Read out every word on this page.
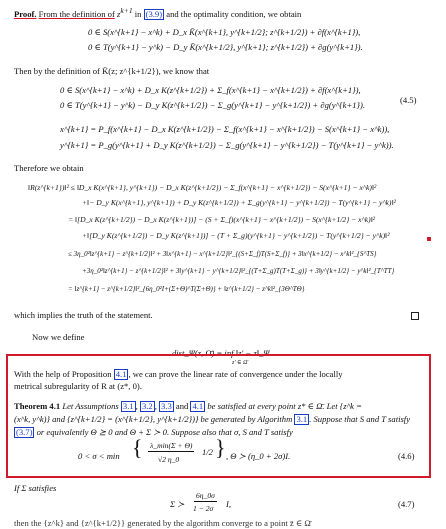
Proof. From the definition of $z^{k+1}$ in (3.9) and the optimality condition, we obtain
0 ∈ S(x^{k+1} − x^k) + D_x K̄(x^{k+1}, y^{k+1/2}; z^{k+1/2}) + ∂f(x^{k+1}),
0 ∈ T(y^{k+1} − y^k) − D_y K̄(x^{k+1/2}, y^{k+1}; z^{k+1/2}) + ∂g(y^{k+1}).
Then by the definition of K̄(z; z^{k+1/2}), we know that
0 ∈ S(x^{k+1} − x^k) + D_x K(z^{k+1/2}) + Σ_f(x^{k+1} − x^{k+1/2}) + ∂f(x^{k+1}),
0 ∈ T(y^{k+1} − y^k) − D_y K(z^{k+1/2}) − Σ_g(y^{k+1} − y^{k+1/2}) + ∂g(y^{k+1}).	(4.5)
x^{k+1} = P_f(x^{k+1} − D_x K(z^{k+1/2}) − Σ_f(x^{k+1} − x^{k+1/2}) − S(x^{k+1} − x^k)),
y^{k+1} = P_g(y^{k+1} + D_y K(z^{k+1/2}) − Σ_g(y^{k+1} − y^{k+1/2}) − T(y^{k+1} − y^k)).
Therefore we obtain
‖R(z^{k+1})‖² ≤ ‖D_x K(x^{k+1}, y^{k+1}) − D_x K(z^{k+1/2}) − Σ_f(x^{k+1} − x^{k+1/2}) − S(x^{k+1} − x^k)‖²
+‖− D_y K(x^{k+1}, y^{k+1}) + D_y K(z^{k+1/2}) + Σ_g(y^{k+1} − y^{k+1/2}) − T(y^{k+1} − y^k)‖²
= ‖[D_x K(z^{k+1/2}) − D_x K(z^{k+1})] − (S + Σ_f)(x^{k+1} − x^{k+1/2}) − S(x^{k+1/2} − x^k)‖²
+‖[D_y K(z^{k+1/2}) − D_y K(z^{k+1})] − (T + Σ_g)(y^{k+1} − y^{k+1/2}) − T(y^{k+1/2} − y^k)‖²
≤ 3η_0²‖z^{k+1} − z^{k+1/2}‖² + 3‖x^{k+1} − x^{k+1/2}‖²_{(S+Σ_f)T(S+Σ_f)} + 3‖x^{k+1/2} − x^k‖²_{S^TS}
+3η_0²‖z^{k+1} − z^{k+1/2}‖² + 3‖y^{k+1} − y^{k+1/2}‖²_{(T+Σ_g)T(T+Σ_g)} + 3‖y^{k+1/2} − y^k‖²_{T^TT}
= ‖z^{k+1} − z^{k+1/2}‖²_{6η_0²I+(Σ+Θ)^T(Σ+Θ)} + ‖z^{k+1/2} − z^k‖²_{3Θ^TΘ}
which implies the truth of the statement.
Now we define
dist_Ψ(z, Ω̄) = inf ‖z' − z‖_Ψ.
z' ∈ Ω̄
With the help of Proposition 4.1 , we can prove the linear rate of convergence under the locally
metrical subregularity of R at (z*, 0).
Theorem 4.1 Let Assumptions 3.1 , 3.2 , 3.3 and 4.1 be satisfied at every point z* ∈ Ω̄. Let {z^k =
(x^k, y^k)} and {z^{k+1/2} = (x^{k+1/2}, y^{k+1/2})} be generated by Algorithm 3.1 . Suppose that S and T satisfy
(3.7) or equivalently Θ ⪰ 0 and Θ + Σ ≻ 0. Suppose also that σ, S and T satisfy
0 < σ < min { λ_min(Σ + Θ)
√2 η_0
1/2 } , Θ ≻ (η_0 + 2σ)I.	(4.6)
If Σ satisfies
Σ ≻
6η_0σ
1 − 2σ I,	(4.7)
then the {z^k} and {z^{k+1/2}} generated by the algorithm converge to a point z̄ ∈ Ω̄
